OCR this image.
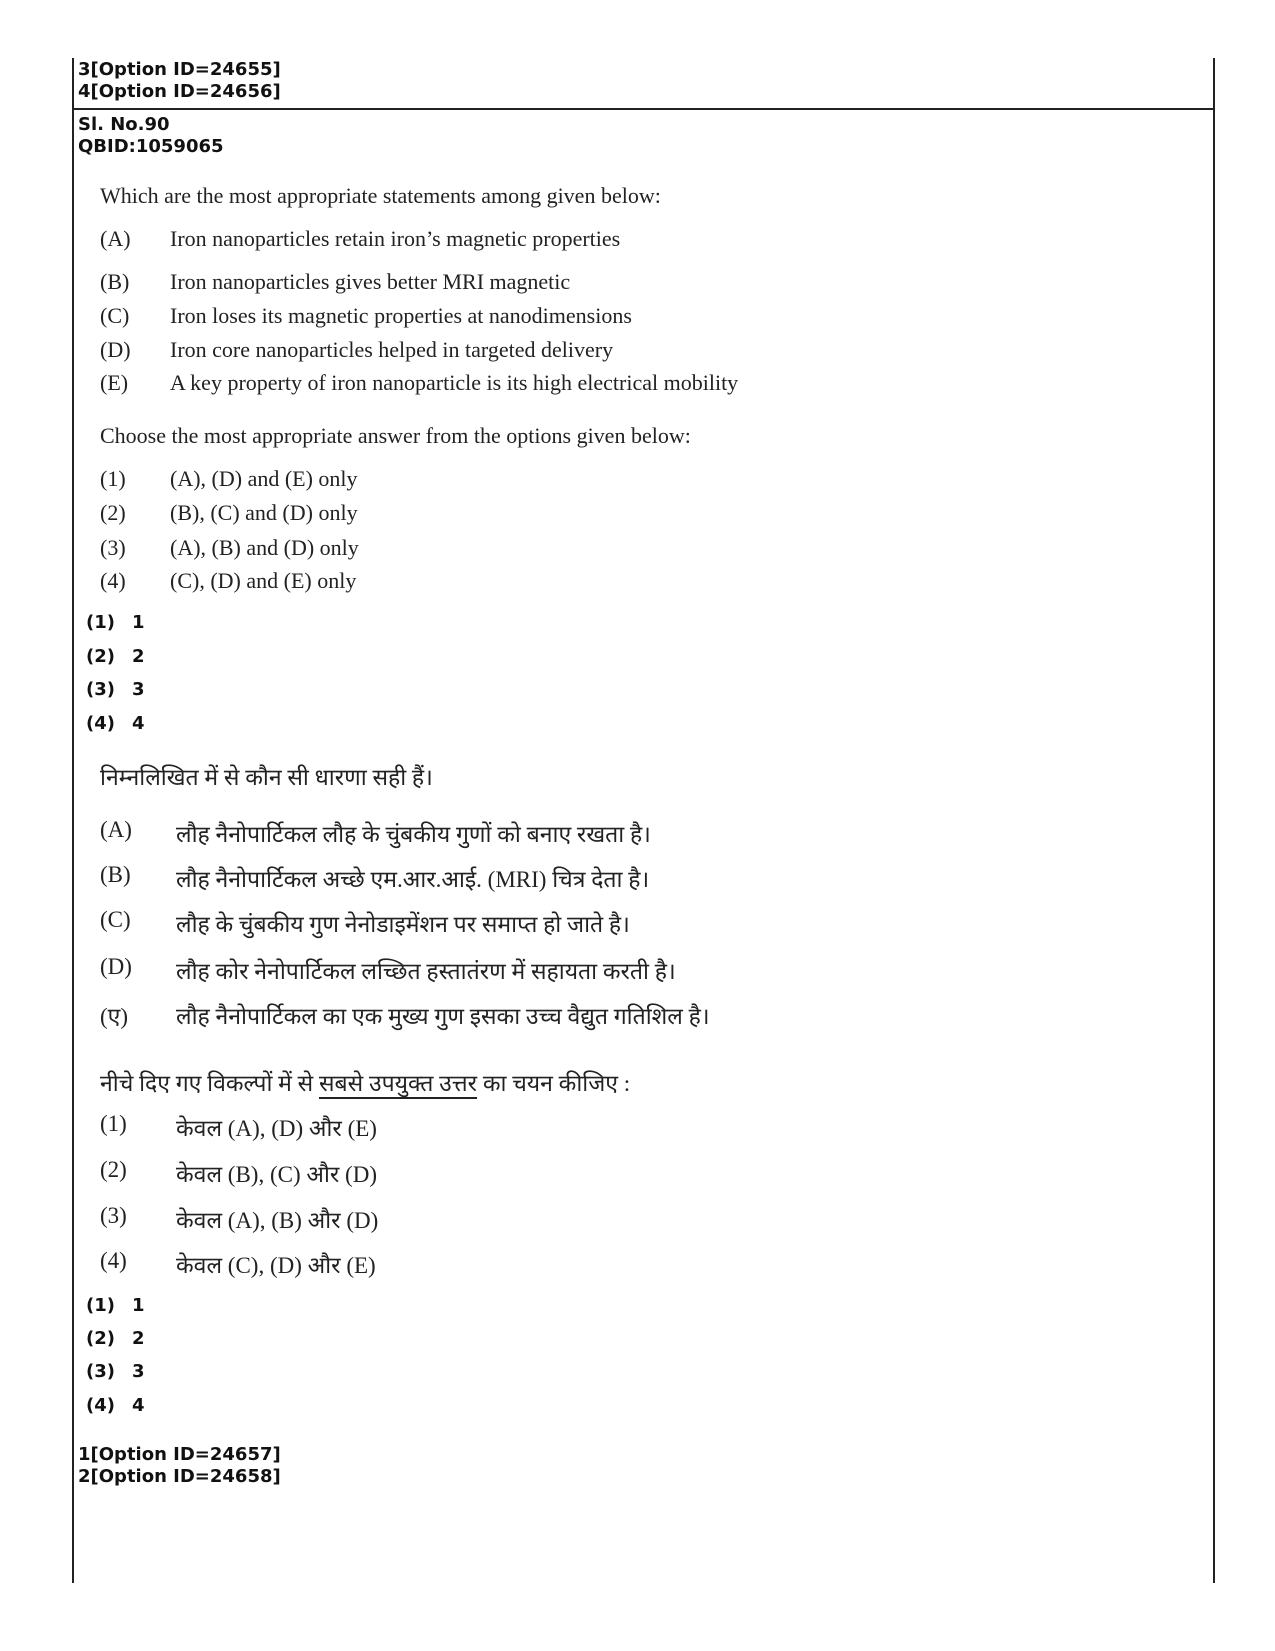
3[Option ID=24655]
4[Option ID=24656]
Sl. No.90
QBID:1059065
Which are the most appropriate statements among given below:
(A) Iron nanoparticles retain iron’s magnetic properties
(B) Iron nanoparticles gives better MRI magnetic
(C) Iron loses its magnetic properties at nanodimensions
(D) Iron core nanoparticles helped in targeted delivery
(E) A key property of iron nanoparticle is its high electrical mobility
Choose the most appropriate answer from the options given below:
(1) (A), (D) and (E) only
(2) (B), (C) and (D) only
(3) (A), (B) and (D) only
(4) (C), (D) and (E) only
(1) 1
(2) 2
(3) 3
(4) 4
निम्नलिखित में से कौन सी धारणा सही हैं।
(A) लौह नैनोपार्टिकल लौह के चुंबकीय गुणों को बनाए रखता है।
(B) लौह नैनोपार्टिकल अच्छे एम.आर.आई. (MRI) चित्र देता है।
(C) लौह के चुंबकीय गुण नेनोडाइमेंशन पर समाप्त हो जाते है।
(D) लौह कोर नेनोपार्टिकल लच्छित हस्तातंरण में सहायता करती है।
(ए) लौह नैनोपार्टिकल का एक मुख्य गुण इसका उच्च वैद्युत गतिशिल है।
नीचे दिए गए विकल्पों में से सबसे उपयुक्त उत्तर का चयन कीजिए :
(1) केवल (A), (D) और (E)
(2) केवल (B), (C) और (D)
(3) केवल (A), (B) और (D)
(4) केवल (C), (D) और (E)
(1) 1
(2) 2
(3) 3
(4) 4
1[Option ID=24657]
2[Option ID=24658]
